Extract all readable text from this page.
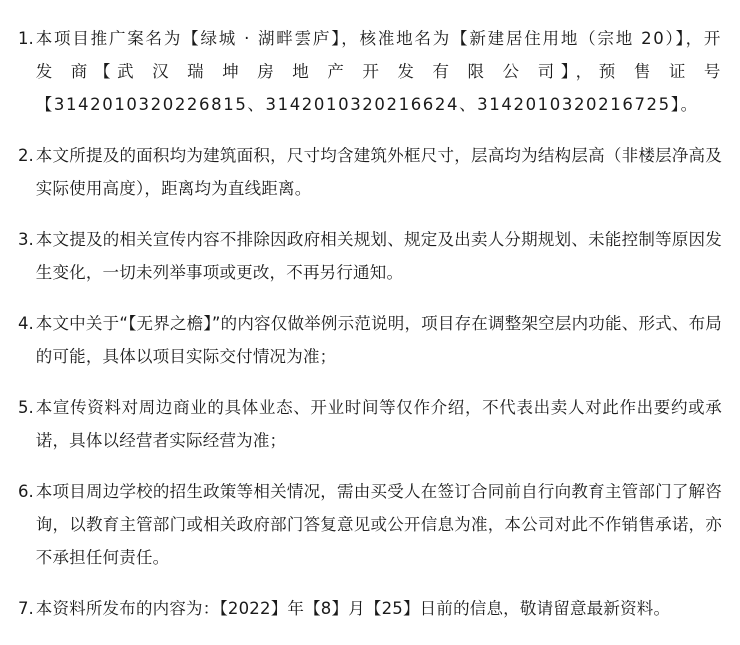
1. 本项目推广案名为【绿城 · 湖畔雲庐】，核准地名为【新建居住用地（宗地 20）】，开 发 商【武 汉 瑞 坤 房 地 产 开 发 有 限 公 司】，预 售 证 号【3142010320226815、3142010320216624、3142010320216725】。
2. 本文所提及的面积均为建筑面积，尺寸均含建筑外框尺寸，层高均为结构层高（非楼层净高及实际使用高度），距离均为直线距离。
3. 本文提及的相关宣传内容不排除因政府相关规划、规定及出卖人分期规划、未能控制等原因发生变化，一切未列举事项或更改，不再另行通知。
4. 本文中关于“【无界之檐】”的内容仅做举例示范说明，项目存在调整架空层内功能、形式、布局的可能，具体以项目实际交付情况为准；
5. 本宣传资料对周边商业的具体业态、开业时间等仅作介绍，不代表出卖人对此作出要约或承诺，具体以经营者实际经营为准；
6. 本项目周边学校的招生政策等相关情况，需由买受人在签订合同前自行向教育主管部门了解咨询，以教育主管部门或相关政府部门答复意见或公开信息为准，本公司对此不作销售承诺，亦不承担任何责任。
7. 本资料所发布的内容为：【2022】年【8】月【25】日前的信息，敬请留意最新资料。
